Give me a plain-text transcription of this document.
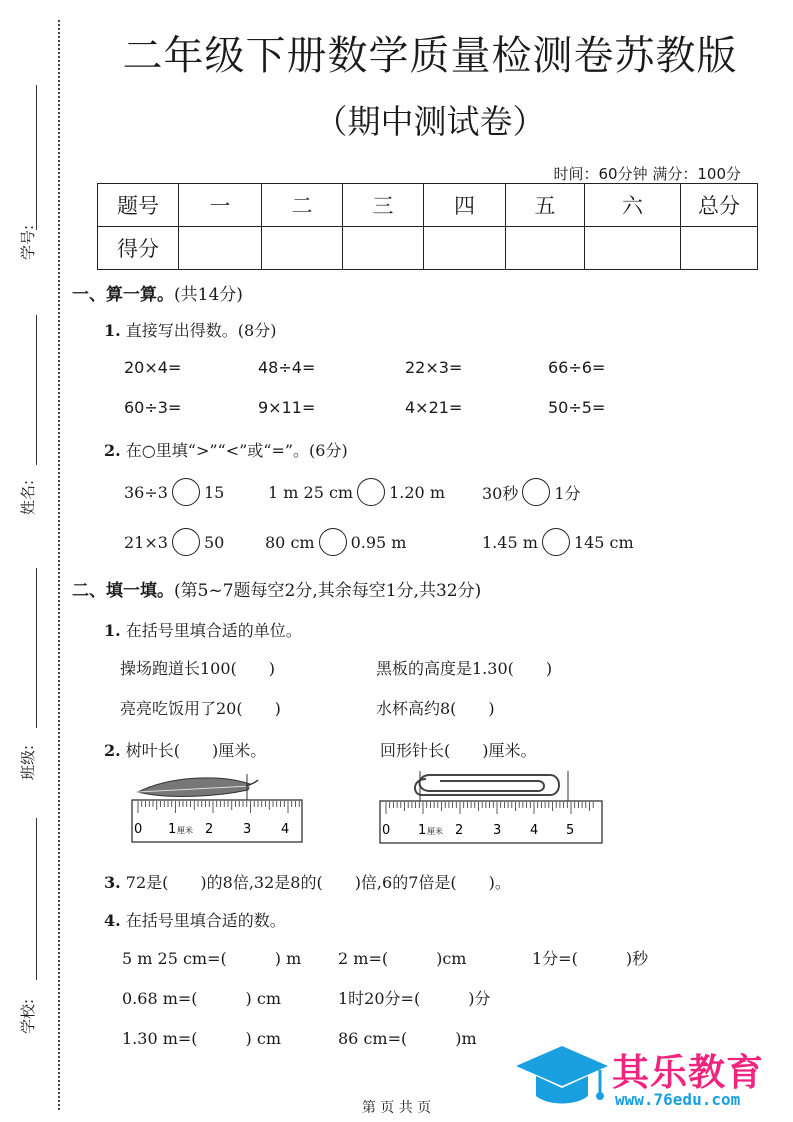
学号:
姓名:
班级:
学校:
二年级下册数学质量检测卷苏教版
（期中测试卷）
时间：60分钟 满分：100分
题号	一	二	三	四	五	六	总分
得分							
一、算一算。(共14分)
1. 直接写出得数。(8分)
20×4=	48÷4=	22×3=	66÷6=
60÷3=	9×11=	4×21=	50÷5=
2. 在○里填“>”“<”或“=”。(6分)
36÷3 15	1 m 25 cm 1.20 m 30秒 1分
21×3 50	80 cm 0.95 m	1.45 m 145 cm
二、填一填。(第5~7题每空2分,其余每空1分,共32分)
1. 在括号里填合适的单位。
操场跑道长100(　　)	黑板的高度是1.30(　　)
亮亮吃饭用了20(　　)	水杯高约8(　　)
2. 树叶长(　　)厘米。	回形针长(　　)厘米。
0 1 厘米 2 3 4	0 1 厘米 2 3 4 5
3. 72是(　　)的8倍,32是8的(　　)倍,6的7倍是(　　)。
4. 在括号里填合适的数。
5 m 25 cm=(　　　) m 2 m=(　　　)cm	1分=(　　　)秒
0.68 m=(　　　) cm	1时20分=(　　　)分
1.30 m=(　　　) cm	86 cm=(　　　)m
第 页 共 页
其乐教育
www.76edu.com
